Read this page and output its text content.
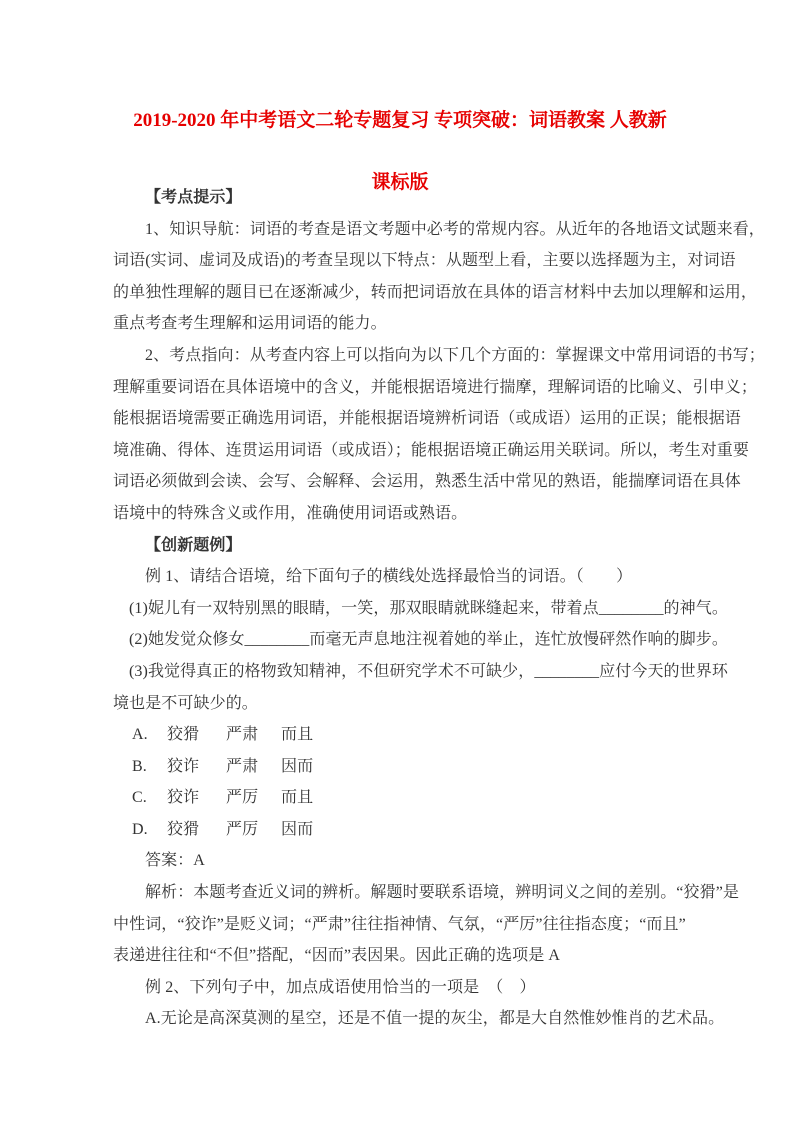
2019-2020 年中考语文二轮专题复习 专项突破：词语教案 人教新
课标版
【考点提示】
1、知识导航：词语的考查是语文考题中必考的常规内容。从近年的各地语文试题来看，
词语(实词、虚词及成语)的考查呈现以下特点：从题型上看，主要以选择题为主，对词语
的单独性理解的题目已在逐渐减少，转而把词语放在具体的语言材料中去加以理解和运用，
重点考查考生理解和运用词语的能力。
2、考点指向：从考查内容上可以指向为以下几个方面的：掌握课文中常用词语的书写；
理解重要词语在具体语境中的含义，并能根据语境进行揣摩，理解词语的比喻义、引申义；
能根据语境需要正确选用词语，并能根据语境辨析词语（或成语）运用的正误；能根据语
境准确、得体、连贯运用词语（或成语）；能根据语境正确运用关联词。所以，考生对重要
词语必须做到会读、会写、会解释、会运用，熟悉生活中常见的熟语，能揣摩词语在具体
语境中的特殊含义或作用，准确使用词语或熟语。
【创新题例】
例 1、请结合语境，给下面句子的横线处选择最恰当的词语。（　　）
(1)妮儿有一双特别黑的眼睛，一笑，那双眼睛就眯缝起来，带着点________的神气。
(2)她发觉众修女________而毫无声息地注视着她的举止，连忙放慢砰然作响的脚步。
(3)我觉得真正的格物致知精神，不但研究学术不可缺少，________应付今天的世界环
境也是不可缺少的。
A. 狡猾 严肃 而且
B. 狡诈 严肃 因而
C. 狡诈 严厉 而且
D. 狡猾 严厉 因而
答案：A
解析：本题考查近义词的辨析。解题时要联系语境，辨明词义之间的差别。“狡猾”是
中性词，“狡诈”是贬义词；“严肃”往往指神情、气氛，“严厉”往往指态度；“而且”
表递进往往和“不但”搭配，“因而”表因果。因此正确的选项是 A
例 2、下列句子中，加点成语使用恰当的一项是　（　）
A.无论是高深莫测的星空，还是不值一提的灰尘，都是大自然惟妙惟肖的艺术品。
